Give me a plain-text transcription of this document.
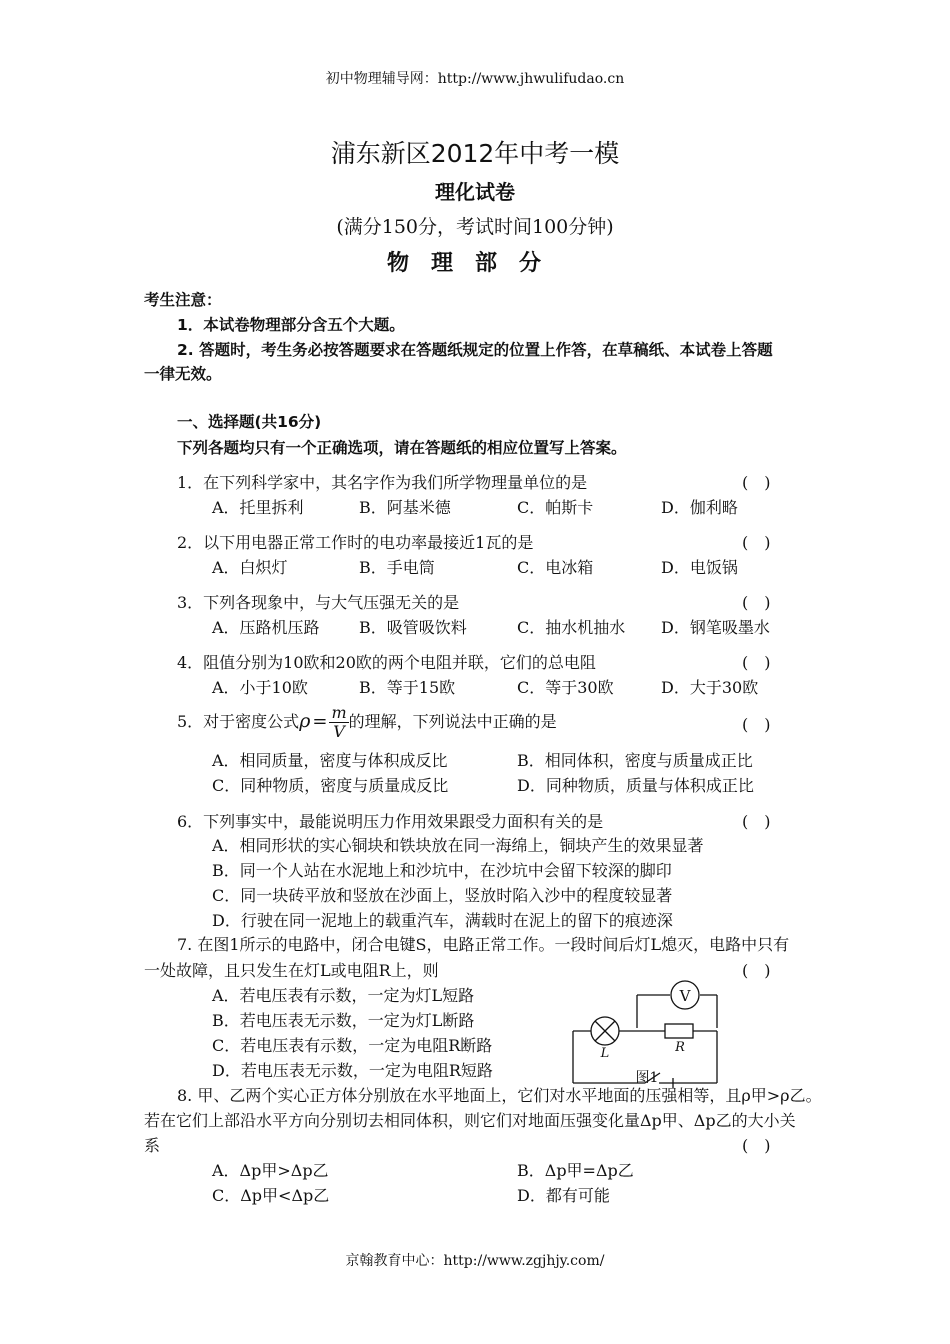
初中物理辅导网：http://www.jhwulifudao.cn
浦东新区2012年中考一模
理化试卷
(满分150分，考试时间100分钟)
物理部分
考生注意：
1．本试卷物理部分含五个大题。
2. 答题时，考生务必按答题要求在答题纸规定的位置上作答，在草稿纸、本试卷上答题
一律无效。
一、选择题(共16分)
下列各题均只有一个正确选项，请在答题纸的相应位置写上答案。
1．在下列科学家中，其名字作为我们所学物理量单位的是	(　)
A．托里拆利	B．阿基米德	C．帕斯卡	D．伽利略
2．以下用电器正常工作时的电功率最接近1瓦的是	(　)
A．白炽灯	B．手电筒	C．电冰箱	D．电饭锅
3．下列各现象中，与大气压强无关的是	(　)
A．压路机压路 B．吸管吸饮料	C．抽水机抽水 D．钢笔吸墨水
4．阻值分别为10欧和20欧的两个电阻并联，它们的总电阻	(　)
A．小于10欧	B．等于15欧	C．等于30欧	D．大于30欧
5．对于密度公式$\rho = \frac{m}{V}$ 的理解，下列说法中正确的是	(　)
A．相同质量，密度与体积成反比	B．相同体积，密度与质量成正比
C．同种物质，密度与质量成反比	D．同种物质，质量与体积成正比
6．下列事实中，最能说明压力作用效果跟受力面积有关的是	(　)
A．相同形状的实心铜块和铁块放在同一海绵上，铜块产生的效果显著
B．同一个人站在水泥地上和沙坑中，在沙坑中会留下较深的脚印
C．同一块砖平放和竖放在沙面上，竖放时陷入沙中的程度较显著
D．行驶在同一泥地上的载重汽车，满载时在泥上的留下的痕迹深
7. 在图1所示的电路中，闭合电键S，电路正常工作。一段时间后灯L熄灭，电路中只有
一处故障，且只发生在灯L或电阻R上，则	(　)
A．若电压表有示数，一定为灯L短路
B．若电压表无示数，一定为灯L断路
C．若电压表有示数，一定为电阻R断路
D．若电压表无示数，一定为电阻R短路
V
L	R
图1
8. 甲、乙两个实心正方体分别放在水平地面上，它们对水平地面的压强相等，且ρ甲>ρ乙。
若在它们上部沿水平方向分别切去相同体积，则它们对地面压强变化量Δp甲、Δp乙的大小关
系	(　)
A．Δp甲>Δp乙	B．Δp甲=Δp乙
C．Δp甲<Δp乙	D．都有可能
京翰教育中心：http://www.zgjhjy.com/
